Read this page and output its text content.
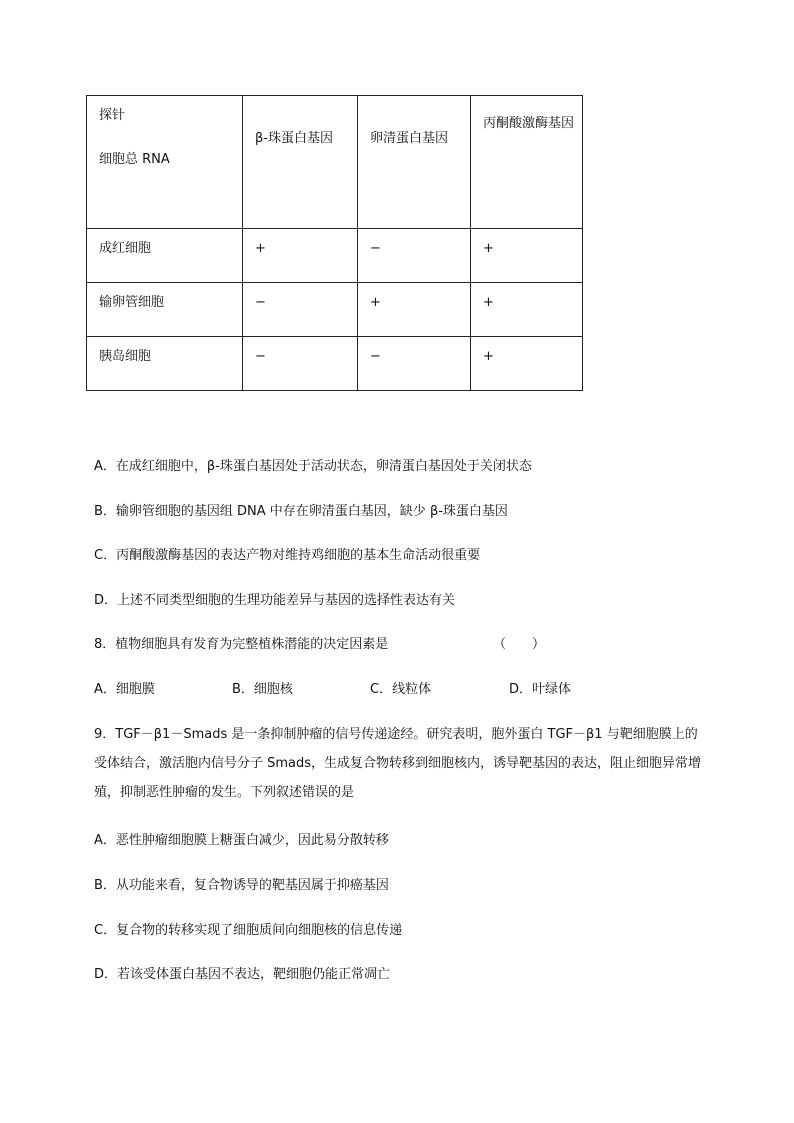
探针
细胞总 RNA	β-珠蛋白基因	卵清蛋白基因	丙酮酸激酶基因
成红细胞	+	−	+
输卵管细胞	−	+	+
胰岛细胞	−	−	+
A．在成红细胞中，β-珠蛋白基因处于活动状态，卵清蛋白基因处于关闭状态
B．输卵管细胞的基因组 DNA 中存在卵清蛋白基因，缺少 β-珠蛋白基因
C．丙酮酸激酶基因的表达产物对维持鸡细胞的基本生命活动很重要
D．上述不同类型细胞的生理功能差异与基因的选择性表达有关
8．植物细胞具有发育为完整植株潜能的决定因素是	（　　）
A．细胞膜	B．细胞核	C．线粒体	D．叶绿体
9．TGF－β1－Smads 是一条抑制肿瘤的信号传递途经。研究表明，胞外蛋白 TGF－β1 与靶细胞膜上的受体结合，激活胞内信号分子 Smads，生成复合物转移到细胞核内，诱导靶基因的表达，阻止细胞异常增殖，抑制恶性肿瘤的发生。下列叙述错误的是
A．恶性肿瘤细胞膜上糖蛋白减少，因此易分散转移
B．从功能来看，复合物诱导的靶基因属于抑癌基因
C．复合物的转移实现了细胞质间向细胞核的信息传递
D．若该受体蛋白基因不表达，靶细胞仍能正常凋亡
